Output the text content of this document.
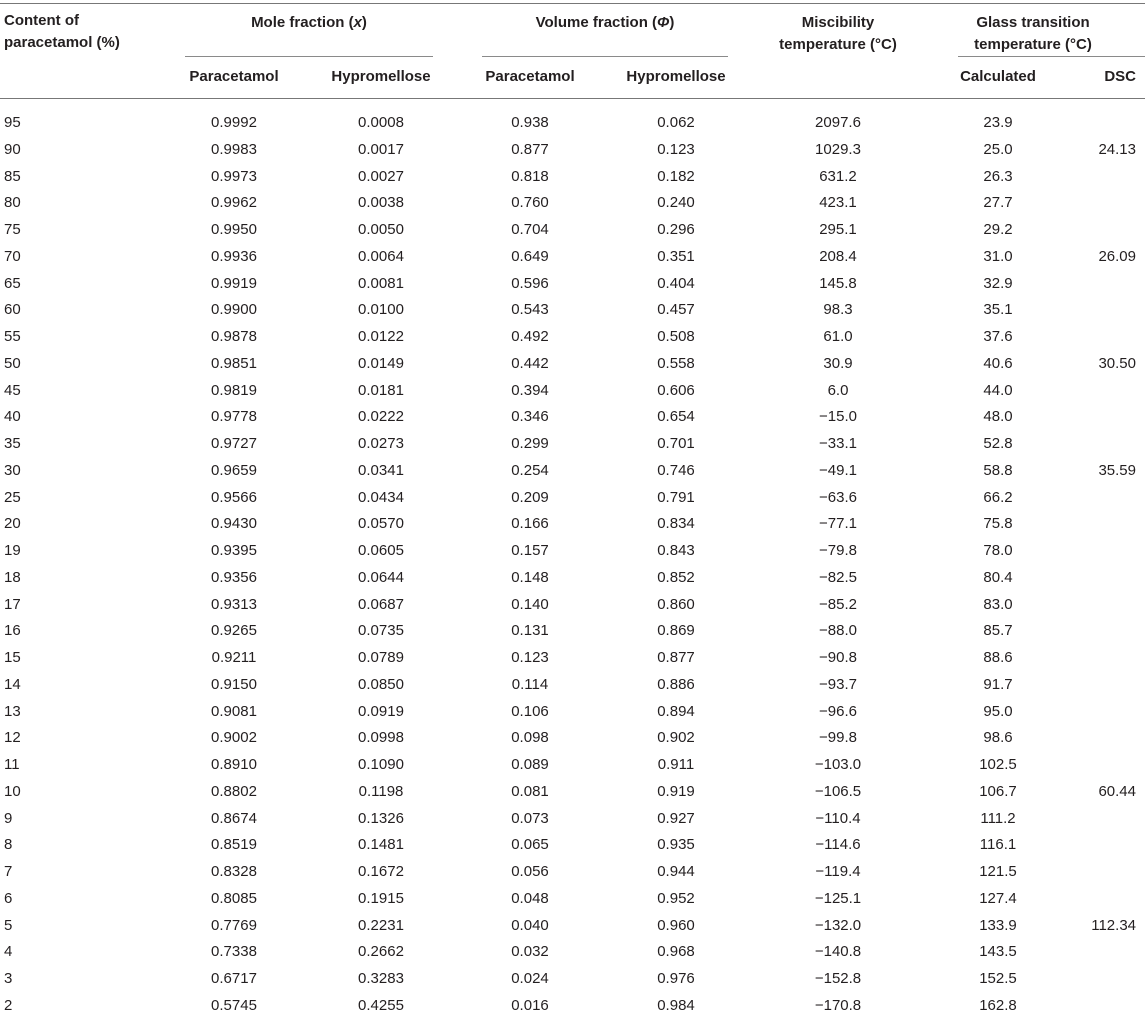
Content of
paracetamol (%)
Mole fraction (x)	Volume fraction (Φ)	Miscibility
temperature (°C)
Glass transition
temperature (°C)
Paracetamol	Hypromellose	Paracetamol	Hypromellose	Calculated	DSC
95	0.9992	0.0008	0.938	0.062	2097.6	23.9
90	0.9983	0.0017	0.877	0.123	1029.3	25.0	24.13
85	0.9973	0.0027	0.818	0.182	631.2	26.3
80	0.9962	0.0038	0.760	0.240	423.1	27.7
75	0.9950	0.0050	0.704	0.296	295.1	29.2
70	0.9936	0.0064	0.649	0.351	208.4	31.0	26.09
65	0.9919	0.0081	0.596	0.404	145.8	32.9
60	0.9900	0.0100	0.543	0.457	98.3	35.1
55	0.9878	0.0122	0.492	0.508	61.0	37.6
50	0.9851	0.0149	0.442	0.558	30.9	40.6	30.50
45	0.9819	0.0181	0.394	0.606	6.0	44.0
40	0.9778	0.0222	0.346	0.654	−15.0	48.0
35	0.9727	0.0273	0.299	0.701	−33.1	52.8
30	0.9659	0.0341	0.254	0.746	−49.1	58.8	35.59
25	0.9566	0.0434	0.209	0.791	−63.6	66.2
20	0.9430	0.0570	0.166	0.834	−77.1	75.8
19	0.9395	0.0605	0.157	0.843	−79.8	78.0
18	0.9356	0.0644	0.148	0.852	−82.5	80.4
17	0.9313	0.0687	0.140	0.860	−85.2	83.0
16	0.9265	0.0735	0.131	0.869	−88.0	85.7
15	0.9211	0.0789	0.123	0.877	−90.8	88.6
14	0.9150	0.0850	0.114	0.886	−93.7	91.7
13	0.9081	0.0919	0.106	0.894	−96.6	95.0
12	0.9002	0.0998	0.098	0.902	−99.8	98.6
11	0.8910	0.1090	0.089	0.911	−103.0	102.5
10	0.8802	0.1198	0.081	0.919	−106.5	106.7	60.44
9	0.8674	0.1326	0.073	0.927	−110.4	111.2
8	0.8519	0.1481	0.065	0.935	−114.6	116.1
7	0.8328	0.1672	0.056	0.944	−119.4	121.5
6	0.8085	0.1915	0.048	0.952	−125.1	127.4
5	0.7769	0.2231	0.040	0.960	−132.0	133.9	112.34
4	0.7338	0.2662	0.032	0.968	−140.8	143.5
3	0.6717	0.3283	0.024	0.976	−152.8	152.5
2	0.5745	0.4255	0.016	0.984	−170.8	162.8
